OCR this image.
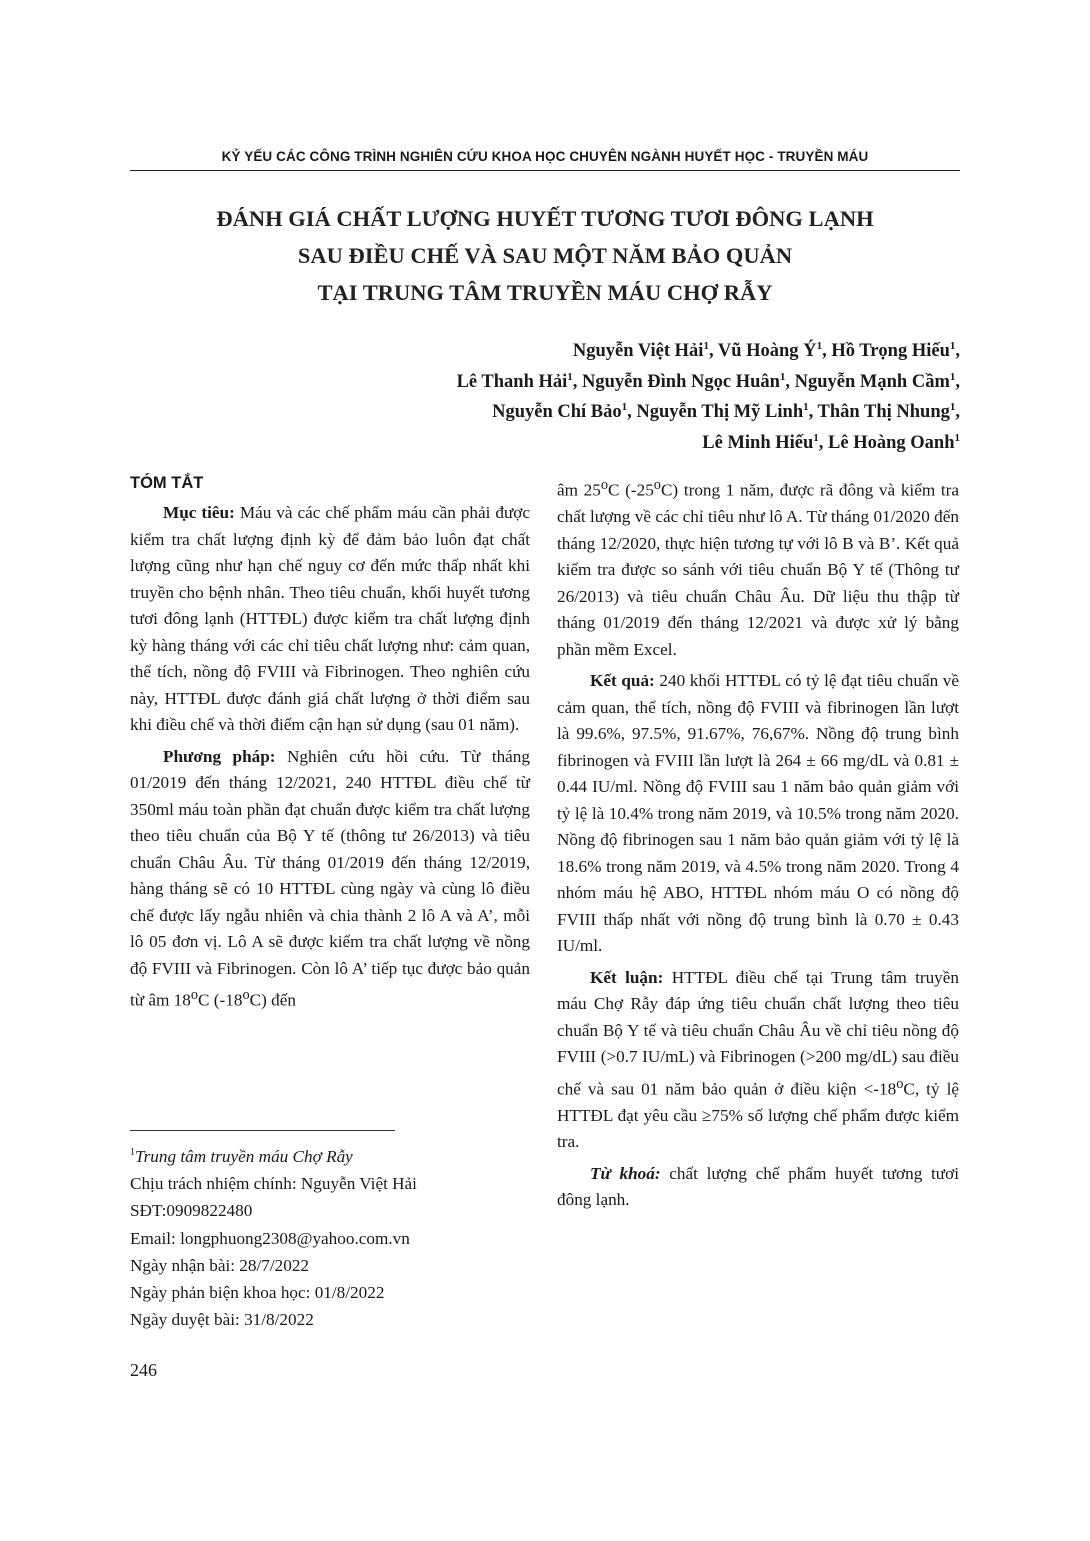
KỶ YẾU CÁC CÔNG TRÌNH NGHIÊN CỨU KHOA HỌC CHUYÊN NGÀNH HUYẾT HỌC - TRUYỀN MÁU
ĐÁNH GIÁ CHẤT LƯỢNG HUYẾT TƯƠNG TƯƠI ĐÔNG LẠNH
SAU ĐIỀU CHẾ VÀ SAU MỘT NĂM BẢO QUẢN
TẠI TRUNG TÂM TRUYỀN MÁU CHỢ RẪY
Nguyễn Việt Hải$^1$, Vũ Hoàng $Ý^1$, Hồ Trọng Hiếu$^1$,
Lê Thanh Hải$^1$, Nguyễn Đình Ngọc Huân$^1$, Nguyễn Mạnh Cầm$^1$,
Nguyễn Chí Bảo$^1$, Nguyễn Thị Mỹ Linh$^1$, Thân Thị Nhung$^1$,
Lê Minh Hiếu$^1$, Lê Hoàng Oanh$^1$
TÓM TẮT

Mục tiêu: Máu và các chế phẩm máu cần phải được kiểm tra chất lượng định kỳ để đảm bảo luôn đạt chất lượng cũng như hạn chế nguy cơ đến mức thấp nhất khi truyền cho bệnh nhân. Theo tiêu chuẩn, khối huyết tương tươi đông lạnh (HTTĐL) được kiểm tra chất lượng định kỳ hàng tháng với các chỉ tiêu chất lượng như: cảm quan, thể tích, nồng độ FVIII và Fibrinogen. Theo nghiên cứu này, HTTĐL được đánh giá chất lượng ở thời điểm sau khi điều chế và thời điểm cận hạn sử dụng (sau 01 năm).

Phương pháp: Nghiên cứu hồi cứu. Từ tháng 01/2019 đến tháng 12/2021, 240 HTTĐL điều chế từ 350ml máu toàn phần đạt chuẩn được kiểm tra chất lượng theo tiêu chuẩn của Bộ Y tế (thông tư 26/2013) và tiêu chuẩn Châu Âu. Từ tháng 01/2019 đến tháng 12/2019, hàng tháng sẽ có 10 HTTĐL cùng ngày và cùng lô điều chế được lấy ngẫu nhiên và chia thành 2 lô A và A’, mỗi lô 05 đơn vị. Lô A sẽ được kiểm tra chất lượng về nồng độ FVIII và Fibrinogen. Còn lô A’ tiếp tục được bảo quản từ âm 18$^o$C (-18$^o$C) đến

âm 25$^o$C (-25$^o$C) trong 1 năm, được rã đông và kiểm tra chất lượng về các chỉ tiêu như lô A. Từ tháng 01/2020 đến tháng 12/2020, thực hiện tương tự với lô B và B’. Kết quả kiểm tra được so sánh với tiêu chuẩn Bộ Y tế (Thông tư 26/2013) và tiêu chuẩn Châu Âu. Dữ liệu thu thập từ tháng 01/2019 đến tháng 12/2021 và được xử lý bằng phần mềm Excel.

Kết quả: 240 khối HTTĐL có tỷ lệ đạt tiêu chuẩn về cảm quan, thể tích, nồng độ FVIII và fibrinogen lần lượt là 99.6%, 97.5%, 91.67%, 76,67%. Nồng độ trung bình fibrinogen và FVIII lần lượt là 264 ± 66 mg/dL và 0.81 ± 0.44 IU/ml. Nồng độ FVIII sau 1 năm bảo quản giảm với tỷ lệ là 10.4% trong năm 2019, và 10.5% trong năm 2020. Nồng độ fibrinogen sau 1 năm bảo quản giảm với tỷ lệ là 18.6% trong năm 2019, và 4.5% trong năm 2020. Trong 4 nhóm máu hệ ABO, HTTĐL nhóm máu O có nồng độ FVIII thấp nhất với nồng độ trung bình là 0.70 ± 0.43 IU/ml.

Kết luận: HTTĐL điều chế tại Trung tâm truyền máu Chợ Rẫy đáp ứng tiêu chuẩn chất lượng theo tiêu chuẩn Bộ Y tế và tiêu chuẩn Châu Âu về chỉ tiêu nồng độ FVIII (>0.7 IU/mL) và Fibrinogen (>200 mg/dL) sau điều chế và sau 01 năm bảo quản ở điều kiện $<-18^oC$, tỷ lệ HTTĐL đạt yêu cầu ≥75% số lượng chế phẩm được kiểm tra.

Từ khoá: chất lượng chế phẩm huyết tương tươi đông lạnh.

$^1$Trung tâm truyền máu Chợ Rẫy
Chịu trách nhiệm chính: Nguyễn Việt Hải
SĐT:0909822480
Email: longphuong2308@yahoo.com.vn
Ngày nhận bài: 28/7/2022
Ngày phản biện khoa học: 01/8/2022
Ngày duyệt bài: 31/8/2022
246
